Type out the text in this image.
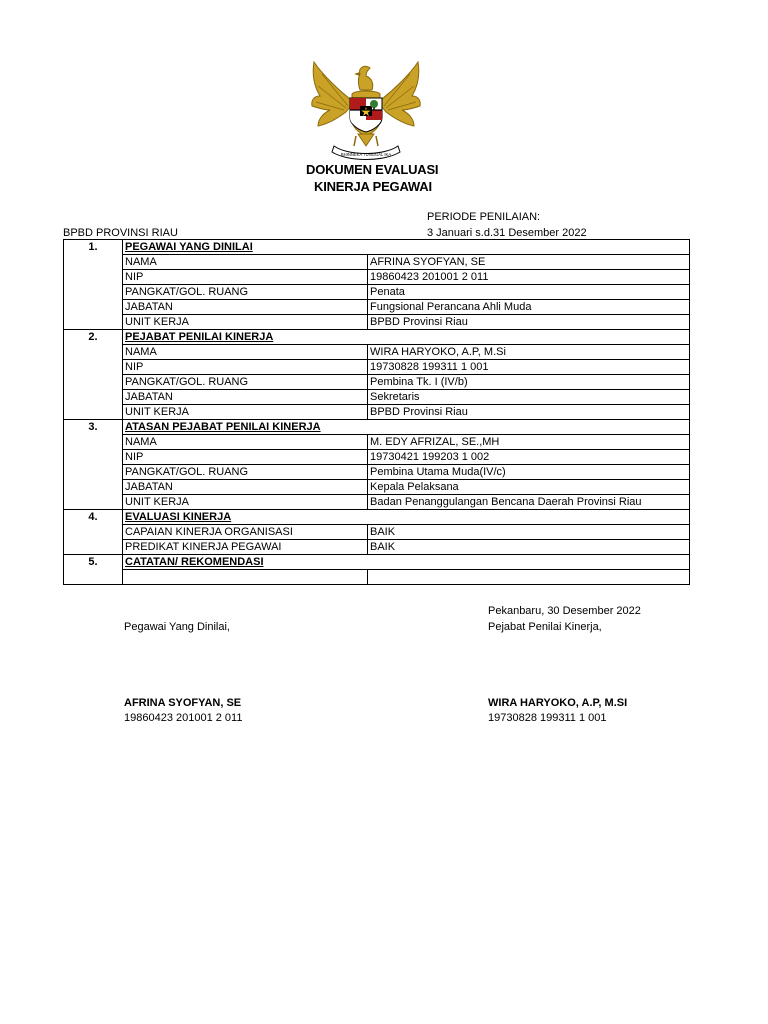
BHINNEKA TUNGGAL IKA
DOKUMEN EVALUASI
KINERJA PEGAWAI
PERIODE PENILAIAN:
3 Januari s.d.31 Desember 2022
BPBD PROVINSI RIAU
1.	PEGAWAI YANG DINILAI	
	NAMA	AFRINA SYOFYAN, SE
	NIP	19860423 201001 2 011
	PANGKAT/GOL. RUANG	Penata
	JABATAN	Fungsional Perancana Ahli Muda
	UNIT KERJA	BPBD Provinsi Riau
2.	PEJABAT PENILAI KINERJA	
	NAMA	WIRA HARYOKO, A.P, M.Si
	NIP	19730828 199311 1 001
	PANGKAT/GOL. RUANG	Pembina Tk. I (IV/b)
	JABATAN	Sekretaris
	UNIT KERJA	BPBD Provinsi Riau
3.	ATASAN PEJABAT PENILAI KINERJA	
	NAMA	M. EDY AFRIZAL, SE.,MH
	NIP	19730421 199203 1 002
	PANGKAT/GOL. RUANG	Pembina Utama Muda(IV/c)
	JABATAN	Kepala Pelaksana
	UNIT KERJA	Badan Penanggulangan Bencana Daerah Provinsi Riau
4.	EVALUASI KINERJA	
	CAPAIAN KINERJA ORGANISASI	BAIK
	PREDIKAT KINERJA PEGAWAI	BAIK
5.	CATATAN/ REKOMENDASI	

Pekanbaru, 30 Desember 2022
Pegawai Yang Dinilai,	Pejabat Penilai Kinerja,
AFRINA SYOFYAN, SE
19860423 201001 2 011
WIRA HARYOKO, A.P, M.SI
19730828 199311 1 001
